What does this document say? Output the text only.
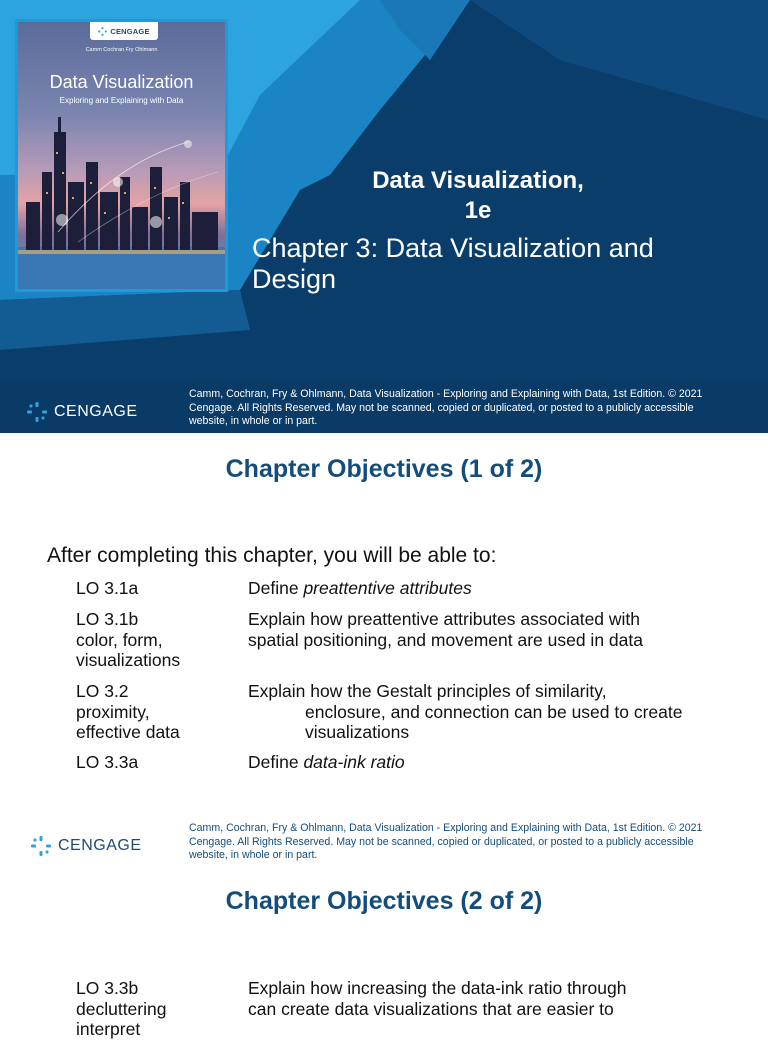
CENGAGE
Camm Cochran Fry Ohlmann
Data Visualization
Exploring and Explaining with Data
Data Visualization,
1e
Chapter 3: Data Visualization and
Design
CENGAGE
Camm, Cochran, Fry & Ohlmann, Data Visualization - Exploring and Explaining with Data, 1st Edition. © 2021
Cengage. All Rights Reserved. May not be scanned, copied or duplicated, or posted to a publicly accessible
website, in whole or in part.
Chapter Objectives (1 of 2)
After completing this chapter, you will be able to:
LO 3.1a	Define preattentive attributes
LO 3.1b
color, form,
visualizations
Explain how preattentive attributes associated with
spatial positioning, and movement are used in data
LO 3.2
proximity,
effective data
Explain how the Gestalt principles of similarity,
enclosure, and connection can be used to create
visualizations
LO 3.3a	Define data-ink ratio
CENGAGE
Camm, Cochran, Fry & Ohlmann, Data Visualization - Exploring and Explaining with Data, 1st Edition. © 2021
Cengage. All Rights Reserved. May not be scanned, copied or duplicated, or posted to a publicly accessible
website, in whole or in part.
Chapter Objectives (2 of 2)
LO 3.3b
decluttering
interpret
Explain how increasing the data-ink ratio through
can create data visualizations that are easier to
